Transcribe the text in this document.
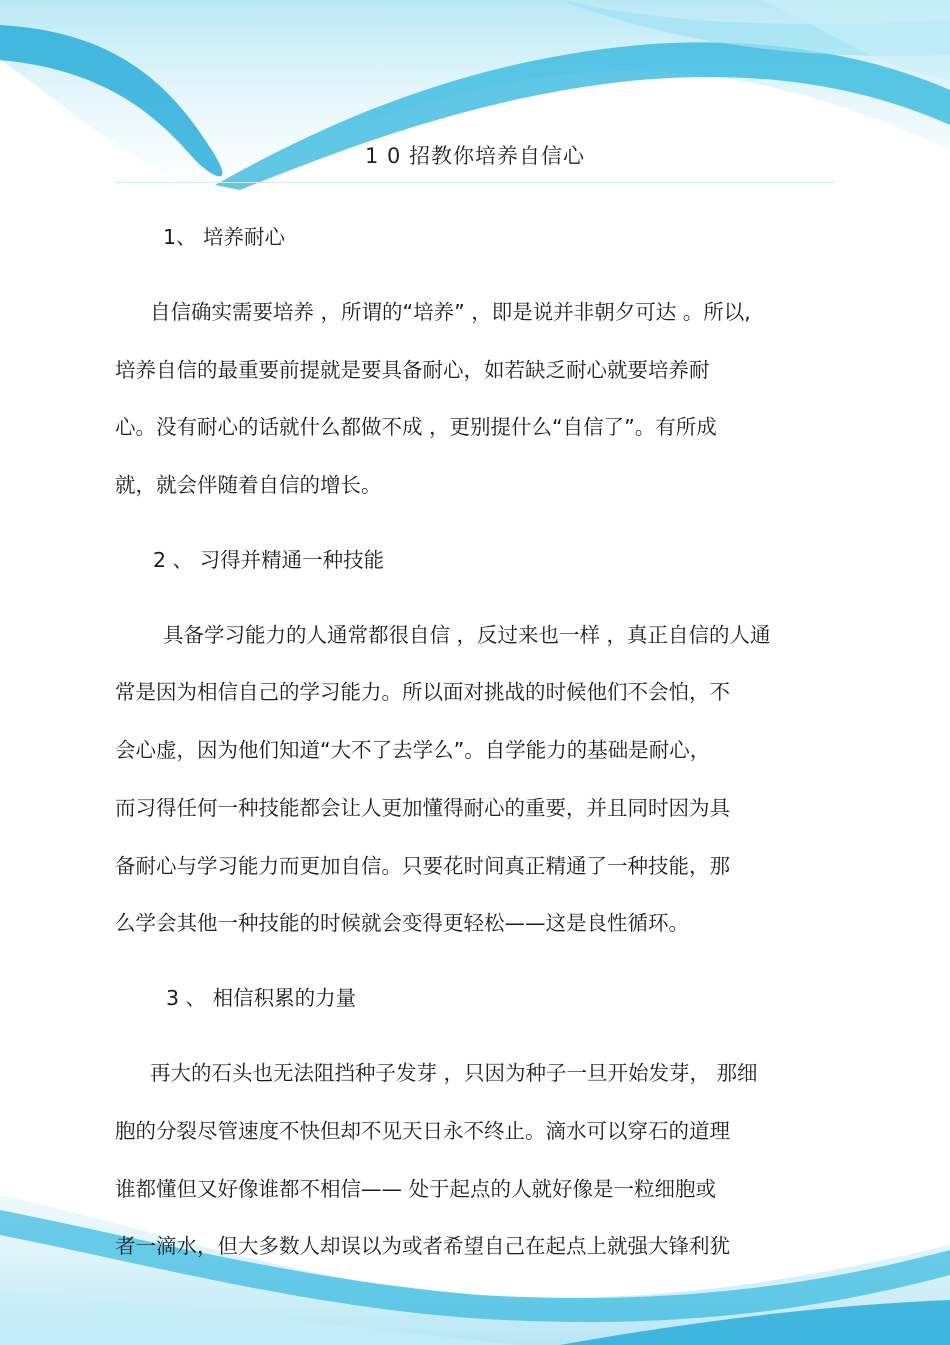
1 0 招教你培养自信心
1、 培养耐心
自信确实需要培养 ，所谓的“培养” ，即是说并非朝夕可达 。所以,
培养自信的最重要前提就是要具备耐心，如若缺乏耐心就要培养耐
心。没有耐心的话就什么都做不成 ，更别提什么“自信了”。有所成
就，就会伴随着自信的增长。
2 、 习得并精通一种技能
具备学习能力的人通常都很自信 ，反过来也一样 ，真正自信的人通
常是因为相信自己的学习能力。所以面对挑战的时候他们不会怕，不
会心虚，因为他们知道“大不了去学么”。自学能力的基础是耐心，
而习得任何一种技能都会让人更加懂得耐心的重要，并且同时因为具
备耐心与学习能力而更加自信。只要花时间真正精通了一种技能，那
么学会其他一种技能的时候就会变得更轻松——这是良性循环。
3 、 相信积累的力量
再大的石头也无法阻挡种子发芽 ，只因为种子一旦开始发芽， 那细
胞的分裂尽管速度不快但却不见天日永不终止。滴水可以穿石的道理
谁都懂但又好像谁都不相信—— 处于起点的人就好像是一粒细胞或
者一滴水，但大多数人却误以为或者希望自己在起点上就强大锋利犹
